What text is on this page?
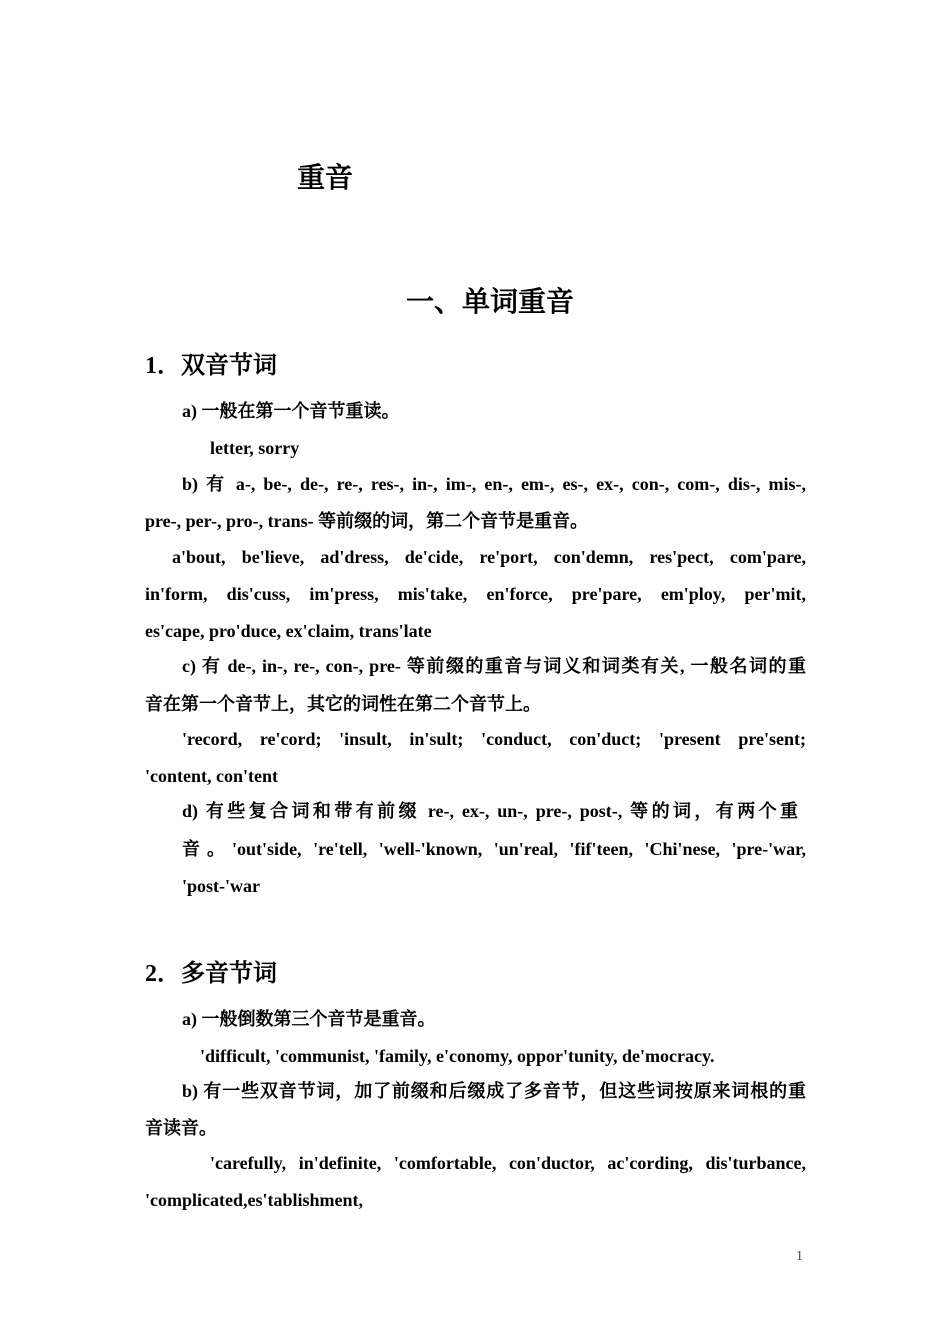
重音
一、单词重音
1．双音节词
a) 一般在第一个音节重读。
letter, sorry
b) 有 a-, be-, de-, re-, res-, in-, im-, en-, em-, es-, ex-, con-, com-, dis-, mis-,
pre-, per-, pro-, trans- 等前缀的词，第二个音节是重音。
a'bout, be'lieve, ad'dress, de'cide, re'port, con'demn, res'pect, com'pare,
in'form, dis'cuss, im'press, mis'take, en'force, pre'pare, em'ploy, per'mit,
es'cape, pro'duce, ex'claim, trans'late
c) 有 de-, in-, re-, con-, pre- 等前缀的重音与词义和词类有关, 一般名词的重
音在第一个音节上，其它的词性在第二个音节上。
'record, re'cord; 'insult, in'sult; 'conduct, con'duct; 'present pre'sent;
'content, con'tent
d) 有些复合词和带有前缀 re-, ex-, un-, pre-, post-, 等的词，有两个重
音。'out'side, 're'tell, 'well-'known, 'un'real, 'fif'teen, 'Chi'nese, 'pre-'war,
'post-'war
2．多音节词
a) 一般倒数第三个音节是重音。
'difficult, 'communist, 'family, e'conomy, oppor'tunity, de'mocracy.
b) 有一些双音节词，加了前缀和后缀成了多音节，但这些词按原来词根的重
音读音。
'carefully, in'definite, 'comfortable, con'ductor, ac'cording, dis'turbance,
'complicated,es'tablishment,
1
